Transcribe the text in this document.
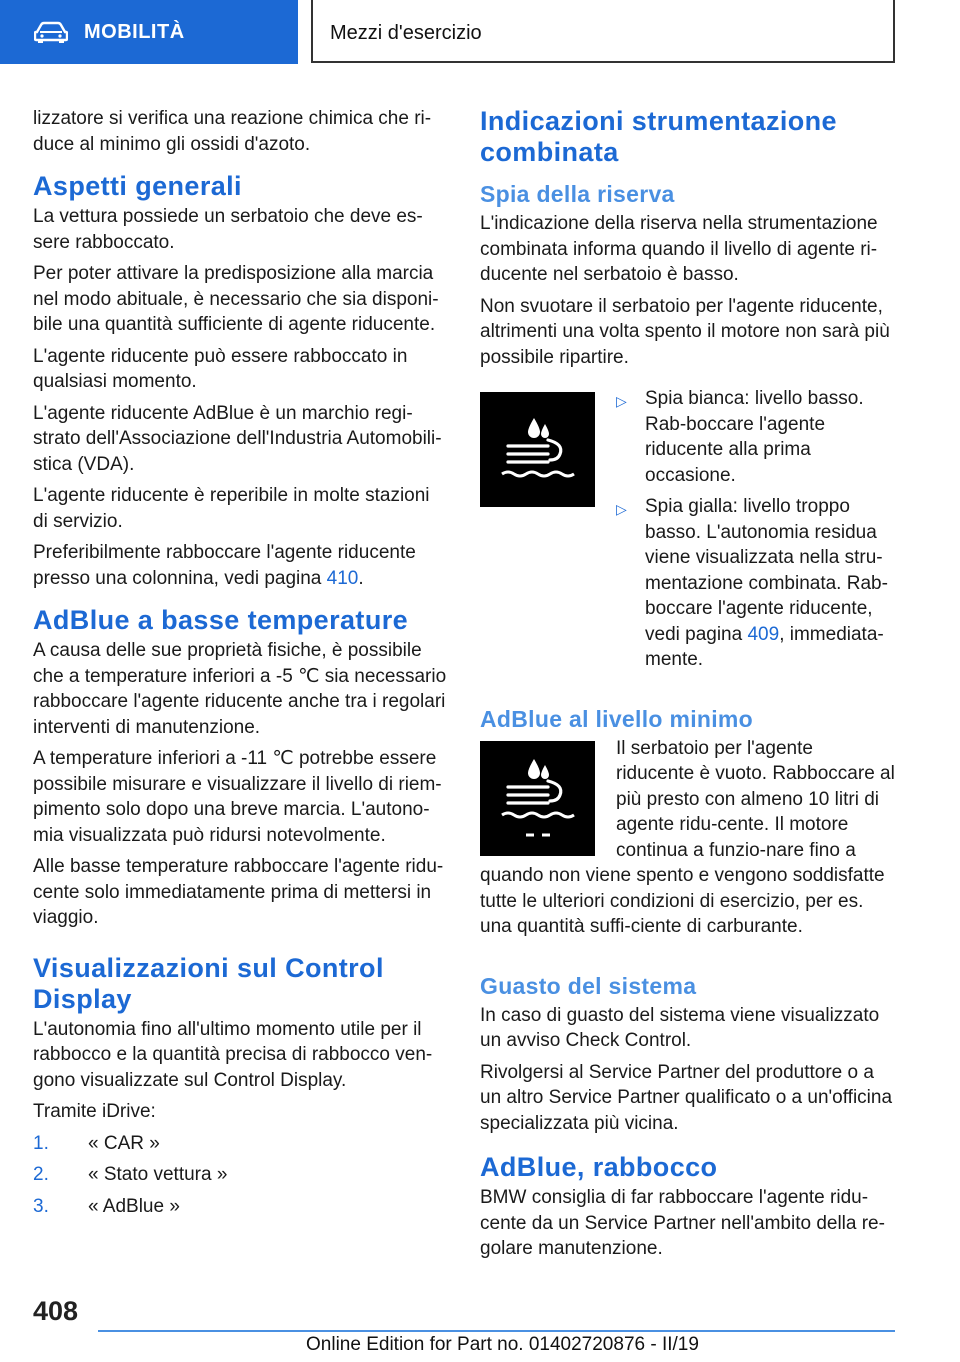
MOBILITÀ	Mezzi d'esercizio

lizzatore si verifica una reazione chimica che ri-duce al minimo gli ossidi d'azoto.

Aspetti generali

La vettura possiede un serbatoio che deve es-sere rabboccato.

Per poter attivare la predisposizione alla marcia nel modo abituale, è necessario che sia disponi-bile una quantità sufficiente di agente riducente.

L'agente riducente può essere rabboccato in qualsiasi momento.

L'agente riducente AdBlue è un marchio regi-strato dell'Associazione dell'Industria Automobili-stica (VDA).

L'agente riducente è reperibile in molte stazioni di servizio.

Preferibilmente rabboccare l'agente riducente presso una colonnina, vedi pagina 410.

AdBlue a basse temperature

A causa delle sue proprietà fisiche, è possibile che a temperature inferiori a -5 ℃ sia necessario rabboccare l'agente riducente anche tra i regolari interventi di manutenzione.

A temperature inferiori a -11 ℃ potrebbe essere possibile misurare e visualizzare il livello di riem-pimento solo dopo una breve marcia. L'autono-mia visualizzata può ridursi notevolmente.

Alle basse temperature rabboccare l'agente ridu-cente solo immediatamente prima di mettersi in viaggio.

Visualizzazioni sul Control Display

L'autonomia fino all'ultimo momento utile per il rabbocco e la quantità precisa di rabbocco ven-gono visualizzate sul Control Display.

Tramite iDrive:

1.	« CAR »
2.	« Stato vettura »
3.	« AdBlue »
Indicazioni strumentazione combinata
Spia della riserva

L'indicazione della riserva nella strumentazione combinata informa quando il livello di agente ri-ducente nel serbatoio è basso.

Non svuotare il serbatoio per l'agente riducente, altrimenti una volta spento il motore non sarà più possibile ripartire.

▷ Spia bianca: livello basso. Rab-boccare l'agente riducente alla prima occasione.
▷ Spia gialla: livello troppo basso. L'autonomia residua viene visualizzata nella stru-mentazione combinata. Rab-boccare l'agente riducente, vedi pagina 409, immediata-mente.
AdBlue al livello minimo

Il serbatoio per l'agente riducente è vuoto. Rabboccare al più presto con almeno 10 litri di agente ridu-cente. Il motore continua a funzio-nare fino a quando non viene spento e vengono soddisfatte tutte le ulteriori condizioni di esercizio, per es. una quantità suffi-ciente di carburante.

Guasto del sistema

In caso di guasto del sistema viene visualizzato un avviso Check Control.

Rivolgersi al Service Partner del produttore o a un altro Service Partner qualificato o a un'officina specializzata più vicina.

AdBlue, rabbocco

BMW consiglia di far rabboccare l'agente ridu-cente da un Service Partner nell'ambito della re-golare manutenzione.

408
Online Edition for Part no. 01402720876 - II/19
